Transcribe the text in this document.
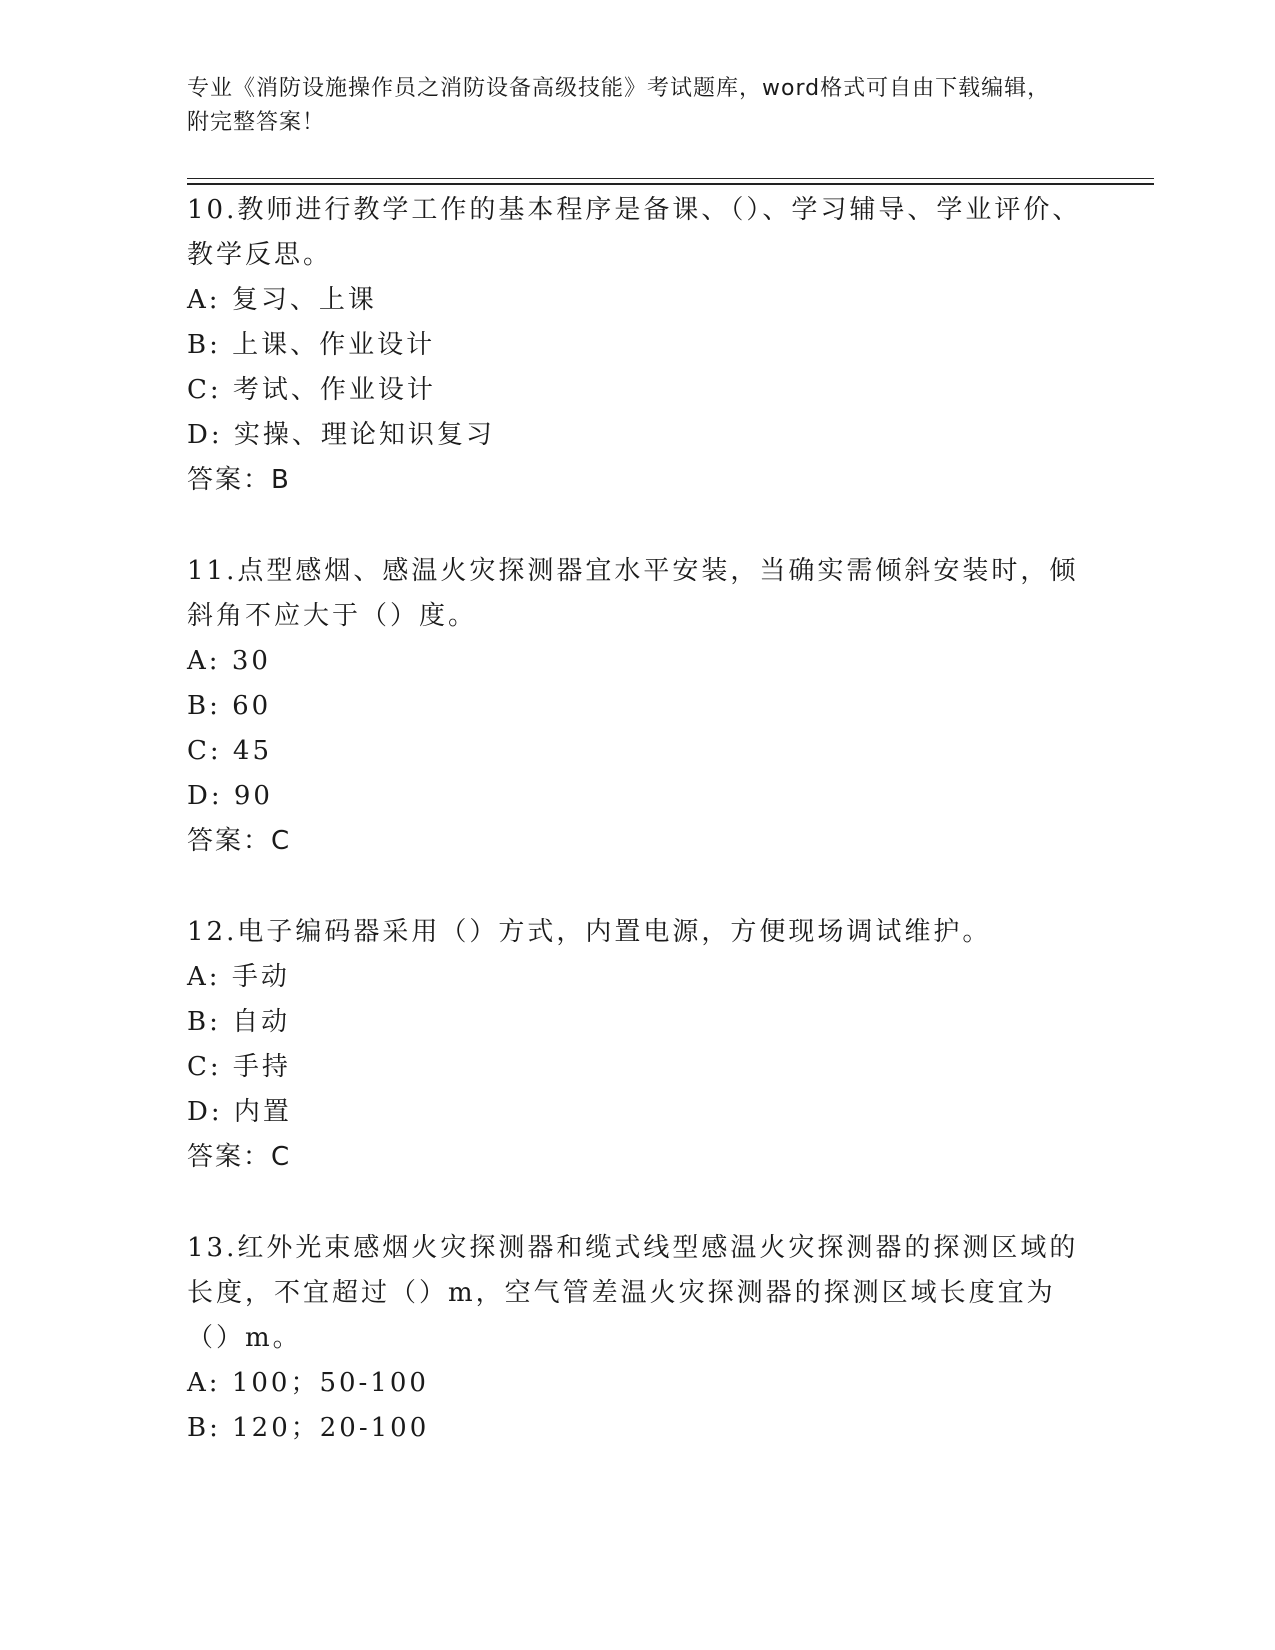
专业《消防设施操作员之消防设备高级技能》考试题库，word格式可自由下载编辑，附完整答案！

10.教师进行教学工作的基本程序是备课、（）、学习辅导、学业评价、教学反思。

A: 复习、上课

B: 上课、作业设计

C: 考试、作业设计

D: 实操、理论知识复习

答案：B

11.点型感烟、感温火灾探测器宜水平安装，当确实需倾斜安装时，倾斜角不应大于（）度。

A: 30

B: 60

C: 45

D: 90

答案：C

12.电子编码器采用（）方式，内置电源，方便现场调试维护。

A: 手动

B: 自动

C: 手持

D: 内置

答案：C

13.红外光束感烟火灾探测器和缆式线型感温火灾探测器的探测区域的长度，不宜超过（）m，空气管差温火灾探测器的探测区域长度宜为（）m。

A: 100；50-100

B: 120；20-100
